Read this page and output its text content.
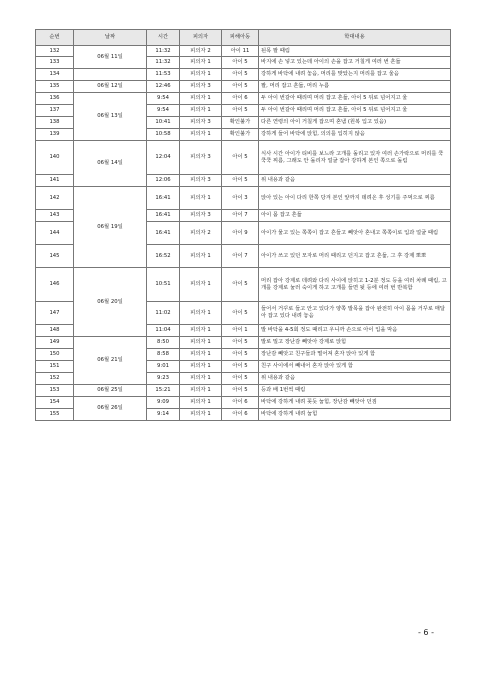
순번	날짜	시간	피의자	피해아동	학대내용
132	06월 11일	11:32	피의자 2	아이 11	뒨목 팔 때림
133		11:32	피의자 1	아이 5	바지에 손 넣고 있는데 아이의 손을 잡고 거칠게 여러 번 흔듦
134		11:53	피의자 1	아이 5	강하게 바닥에 내려 놓음, 머리를 맞았는지 머리를 잡고 울음
135	06월 12일	12:46	피의자 3	아이 5	팔, 머리 잡고 흔듦, 머리 누름
136	06월 13일	9:54	피의자 1	아이 6	두 아이 번갈아 때리며 머리 잡고 흔듦, 아이 5 뒤로 넘어지고 울
137		9:54	피의자 1	아이 5	두 아이 번갈아 때리며 머리 잡고 흔듦, 아이 5 뒤로 넘어지고 울
138		10:41	피의자 3	확인불가	다른 연령의 아이 거칠게 잡으며 혼냄 (원복 입고 있음)
139		10:58	피의자 1	확인불가	강하게 들어 바닥에 앉힘, 의의를 입히지 않음
140	06월 14일	12:04	피의자 3	아이 5	식사 시간 아이가 티비를 보느라 고개를 돌리고 있자 여러 손가락으로 머리를 쿡쿡쿡 찌름, 그래도 안 돌리자 얼굴 잡아 강하게 본인 쪽으로 돌림
141		12:06	피의자 3	아이 5	위 내용과 같음
142	06월 19일	16:41	피의자 1	아이 3	앉아 있는 아이 다리 한쪽 당겨 본인 앞까지 데려온 후 성기를 주먹으로 찌름
143		16:41	피의자 3	아이 7	아이 몸 잡고 흔듦
144		16:41	피의자 2	아이 9	아이가 물고 있는 쪽쪽이 잡고 흔들고 빼앗아 혼내고 쪽쪽이로 입과 얼굴 때림
145		16:52	피의자 1	아이 7	아이가 쓰고 있던 모자로 머리 때리고 던지고 잡고 흔듦, 그 후 강제 뽀뽀
146	06월 20일	10:51	피의자 1	아이 5	머리 잡아 강제로 데려와 다리 사이에 앉히고 1-2분 정도 등을 여러 차례 때림, 고개를 강제로 눌러 숙이게 하고 고개를 들면 뒷 등에 여러 번 반복함
147		11:02	피의자 1	아이 5	들어서 거꾸로 들고 안고 있다가 양쪽 발목을 잡아 완전히 아이 몸을 거꾸로 매달아 잡고 있다 내려 놓음
148		11:04	피의자 1	아이 1	발 바닥을 4-5회 정도 때리고 우니까 손으로 아이 입을 막음
149	06월 21일	8:50	피의자 1	아이 5	발로 밀고 장난감 빼앗아 강제로 앉힘
150		8:58	피의자 1	아이 5	장난감 빼앗고 친구들과 떨어져 혼자 앉아 있게 함
151		9:01	피의자 1	아이 5	친구 사이에서 빼내어 혼자 앉아 있게 함
152		9:23	피의자 1	아이 5	위 내용과 같음
153	06월 25일	15:21	피의자 1	아이 5	등과 배 1번씩 때림
154	06월 26일	9:09	피의자 1	아이 6	바닥에 강하게 내려 꽂듯 눕힘, 장난감 빼앗아 던짐
155		9:14	피의자 1	아이 6	바닥에 강하게 내려 눕힘
- 6 -
